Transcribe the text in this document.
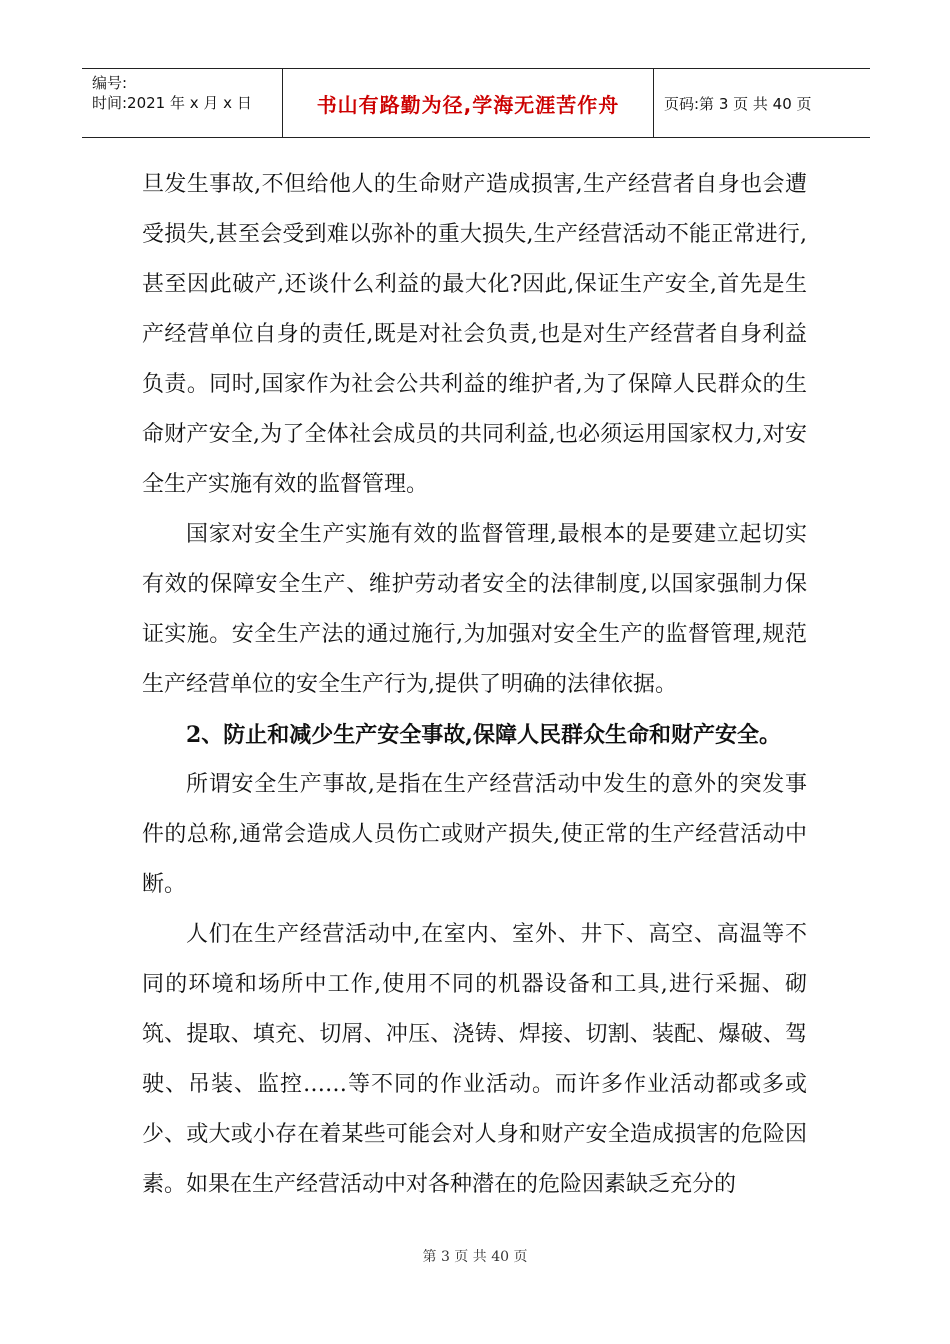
编号:
时间:2021 年 x 月 x 日	书山有路勤为径,学海无涯苦作舟	页码:第 3 页 共 40 页

旦发生事故,不但给他人的生命财产造成损害,生产经营者自身也会遭受损失,甚至会受到难以弥补的重大损失,生产经营活动不能正常进行,甚至因此破产,还谈什么利益的最大化?因此,保证生产安全,首先是生产经营单位自身的责任,既是对社会负责,也是对生产经营者自身利益负责。同时,国家作为社会公共利益的维护者,为了保障人民群众的生命财产安全,为了全体社会成员的共同利益,也必须运用国家权力,对安全生产实施有效的监督管理。

国家对安全生产实施有效的监督管理,最根本的是要建立起切实有效的保障安全生产、维护劳动者安全的法律制度,以国家强制力保证实施。安全生产法的通过施行,为加强对安全生产的监督管理,规范生产经营单位的安全生产行为,提供了明确的法律依据。

2、防止和减少生产安全事故,保障人民群众生命和财产安全。

所谓安全生产事故,是指在生产经营活动中发生的意外的突发事件的总称,通常会造成人员伤亡或财产损失,使正常的生产经营活动中断。

人们在生产经营活动中,在室内、室外、井下、高空、高温等不同的环境和场所中工作,使用不同的机器设备和工具,进行采掘、砌筑、提取、填充、切屑、冲压、浇铸、焊接、切割、装配、爆破、驾驶、吊装、监控……等不同的作业活动。而许多作业活动都或多或少、或大或小存在着某些可能会对人身和财产安全造成损害的危险因素。如果在生产经营活动中对各种潜在的危险因素缺乏充分的

第 3 页 共 40 页
